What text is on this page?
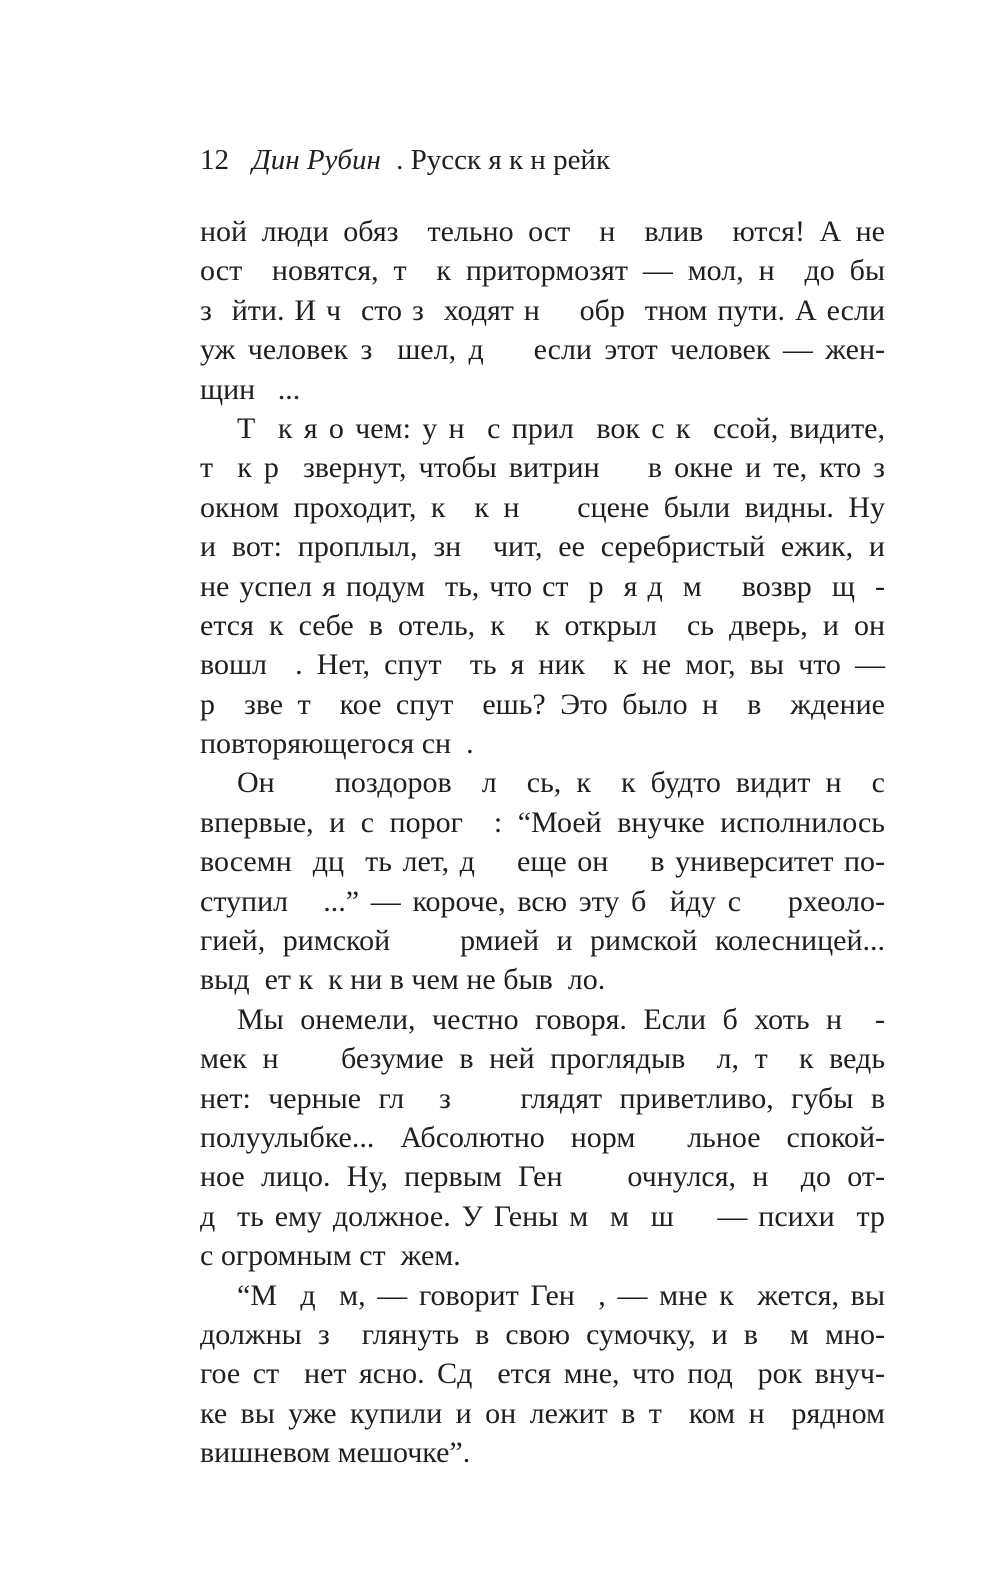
12 Дин Рубин . Русск я к н рейк
ной люди обяз  тельно ост  н  влив  ются! А не
ост  новятся, т  к притормозят — мол, н  до бы
з  йти. И ч  сто з  ходят н    обр  тном пути. А если
уж человек з  шел, д    если этот человек — жен-
щин   ...
Т  к я о чем: у н  с прил  вок с к  ссой, видите,
т  к р  звернут, чтобы витрин    в окне и те, кто з
окном проходит, к  к н    сцене были видны. Ну
и вот: проплыл, зн  чит, ее серебристый ежик, и
не успел я подум  ть, что ст  р  я д  м    возвр  щ  -
ется к себе в отель, к  к открыл  сь дверь, и он
вошл  . Нет, спут  ть я ник  к не мог, вы что —
р  зве т  кое спут  ешь? Это было н  в  ждение
повторяющегося сн  .
Он    поздоров  л  сь, к  к будто видит н  с
впервые, и с порог  : “Моей внучке исполнилось
восемн  дц  ть лет, д    еще он    в университет по-
ступил   ...” — короче, всю эту б  йду с    рхеоло-
гией, римской    рмией и римской колесницей...
выд  ет к  к ни в чем не быв  ло.
Мы онемели, честно говоря. Если б хоть н  -
мек н    безумие в ней проглядыв  л, т  к ведь
нет: черные гл  з    глядят приветливо, губы в
полуулыбке... Абсолютно норм  льное спокой-
ное лицо. Ну, первым Ген    очнулся, н  до от-
д  ть ему должное. У Гены м  м  ш    — психи  тр
с огромным ст  жем.
“М  д  м, — говорит Ген  , — мне к  жется, вы
должны з  глянуть в свою сумочку, и в  м мно-
гое ст  нет ясно. Сд  ется мне, что под  рок внуч-
ке вы уже купили и он лежит в т  ком н  рядном
вишневом мешочке”.
